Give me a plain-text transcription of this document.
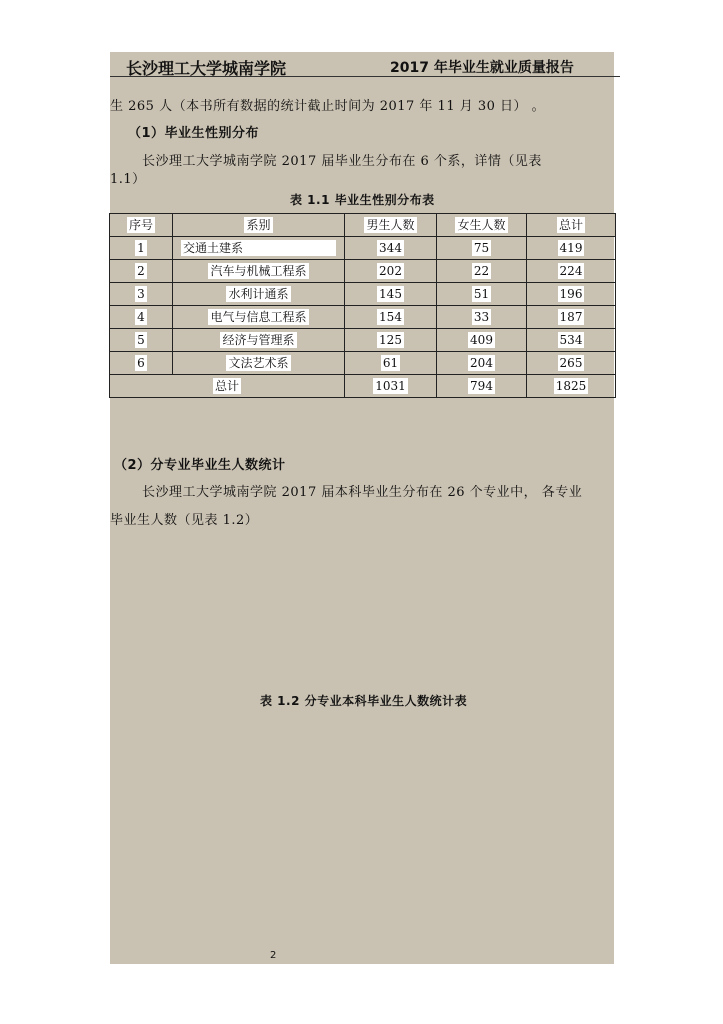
长沙理工大学城南学院	2017 年毕业生就业质量报告
生 265 人（本书所有数据的统计截止时间为 2017 年 11 月 30 日） 。
（1）毕业生性别分布
长沙理工大学城南学院 2017 届毕业生分布在 6 个系，详情（见表
1.1）
表 1.1 毕业生性别分布表
序号	系别	男生人数	女生人数	总计
1	交通土建系	344	75	419
2	汽车与机械工程系	202	22	224
3	水利计通系	145	51	196
4	电气与信息工程系	154	33	187
5	经济与管理系	125	409	534
6	文法艺术系	61	204	265
总计		1031	794	1825
（2）分专业毕业生人数统计
长沙理工大学城南学院 2017 届本科毕业生分布在 26 个专业中， 各专业
毕业生人数（见表 1.2）
表 1.2 分专业本科毕业生人数统计表
2
